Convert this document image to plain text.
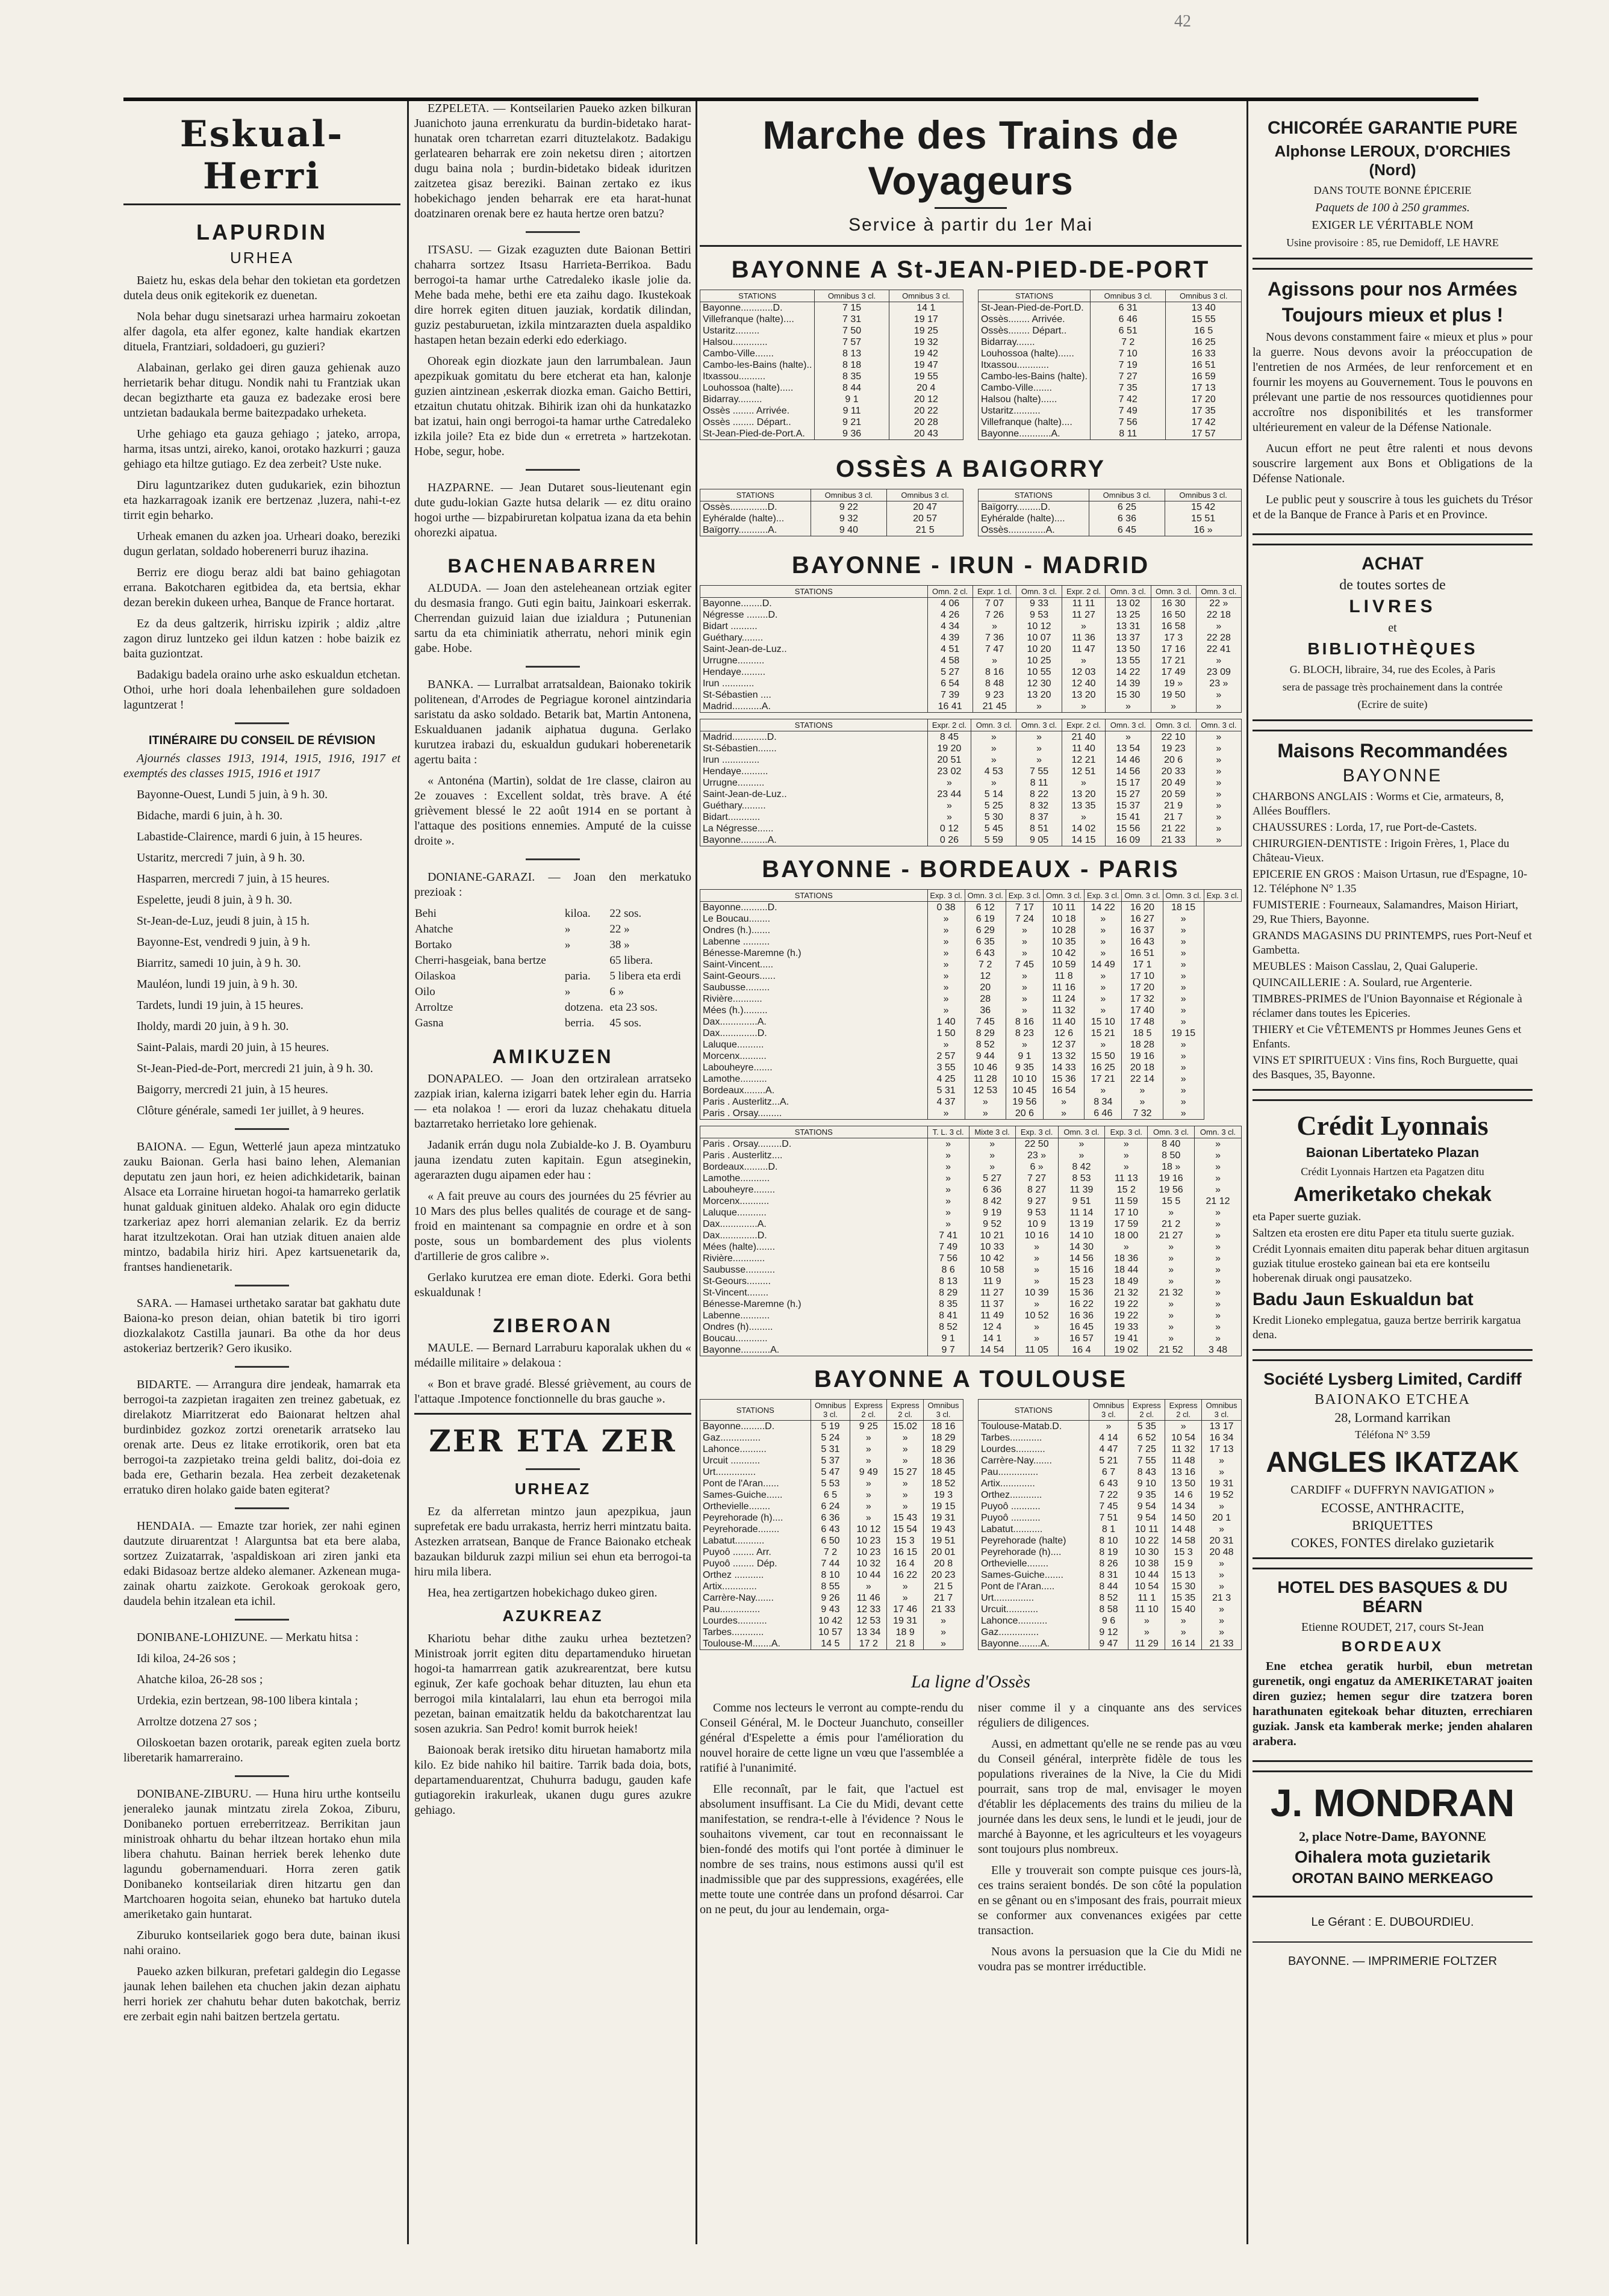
42
Eskual-Herri
LAPURDIN
URHEA

Baietz hu, eskas dela behar den tokietan eta gordetzen dutela deus onik egitekorik ez duenetan.

Nola behar dugu sinetsarazi urhea harmairu zokoetan alfer dagola, eta alfer egonez, kalte handiak ekartzen dituela, Frantziari, soldadoeri, gu guzieri?

Alabainan, gerlako gei diren gauza gehienak auzo herrietarik behar ditugu. Nondik nahi tu Frantziak ukan decan begiztharte eta gauza ez badezake erosi bere untzietan badaukala berme baitezpadako urheketa.

Urhe gehiago eta gauza gehiago ; jateko, arropa, harma, itsas untzi, aireko, kanoi, orotako hazkurri ; gauza gehiago eta hiltze gutiago. Ez dea zerbeit? Uste nuke.

Diru laguntzarikez duten gudukariek, ezin bihoztun eta hazkarragoak izanik ere bertzenaz ,luzera, nahi-t-ez tirrit egin beharko.

Urheak emanen du azken joa. Urheari doako, bereziki dugun gerlatan, soldado hoberenerri buruz ihazina.

Berriz ere diogu beraz aldi bat baino gehiagotan errana. Bakotcharen egitbidea da, eta bertsia, ekhar dezan berekin dukeen urhea, Banque de France hortarat.

Ez da deus galtzerik, hirrisku izpirik ; aldiz ,altre zagon diruz luntzeko gei ildun katzen : hobe baizik ez baita guziontzat.

Badakigu badela oraino urhe asko eskualdun etchetan. Othoi, urhe hori doala lehenbailehen gure soldadoen laguntzerat !

ITINÉRAIRE DU CONSEIL DE RÉVISION

Ajournés classes 1913, 1914, 1915, 1916, 1917 et exemptés des classes 1915, 1916 et 1917

Bayonne-Ouest, Lundi 5 juin, à 9 h. 30.

Bidache, mardi 6 juin, à h. 30.

Labastide-Clairence, mardi 6 juin, à 15 heures.

Ustaritz, mercredi 7 juin, à 9 h. 30.

Hasparren, mercredi 7 juin, à 15 heures.

Espelette, jeudi 8 juin, à 9 h. 30.

St-Jean-de-Luz, jeudi 8 juin, à 15 h.

Bayonne-Est, vendredi 9 juin, à 9 h.

Biarritz, samedi 10 juin, à 9 h. 30.

Mauléon, lundi 19 juin, à 9 h. 30.

Tardets, lundi 19 juin, à 15 heures.

Iholdy, mardi 20 juin, à 9 h. 30.

Saint-Palais, mardi 20 juin, à 15 heures.

St-Jean-Pied-de-Port, mercredi 21 juin, à 9 h. 30.

Baigorry, mercredi 21 juin, à 15 heures.

Clôture générale, samedi 1er juillet, à 9 heures.

BAIONA. — Egun, Wetterlé jaun apeza mintzatuko zauku Baionan. Gerla hasi baino lehen, Alemanian deputatu zen jaun hori, ez heien adichkidetarik, bainan Alsace eta Lorraine hiruetan hogoi-ta hamarreko gerlatik hunat galduak ginituen aldeko. Ahalak oro egin diducte tzarkeriaz apez horri alemanian zelarik. Ez da berriz harat itzultzekotan. Orai han utziak dituen anaien alde mintzo, badabila hiriz hiri. Apez kartsuenetarik da, frantses handienetarik.

SARA. — Hamasei urthetako saratar bat gakhatu dute Baiona-ko preson deian, ohian batetik bi tiro igorri diozkalakotz Castilla jaunari. Ba othe da hor deus astokeriaz bertzerik? Gero ikusiko.

BIDARTE. — Arrangura dire jendeak, hamarrak eta berrogoi-ta zazpietan iragaiten zen treinez gabetuak, ez direlakotz Miarritzerat edo Baionarat heltzen ahal burdinbidez gozkoz zortzi orenetarik arratseko lau orenak arte. Deus ez litake errotikorik, oren bat eta berrogoi-ta zazpietako treina geldi balitz, doi-doia ez bada ere, Getharin bezala. Hea zerbeit dezaketenak erratuko diren holako gaide baten egiterat?

HENDAIA. — Emazte tzar horiek, zer nahi eginen dautzute diruarentzat ! Alarguntsa bat eta bere alaba, sortzez Zuizatarrak, 'aspaldiskoan ari ziren janki eta edaki Bidasoaz bertze aldeko alemaner. Azkenean muga-zainak ohartu zaizkote. Gerokoak gerokoak gero, daudela behin itzalean eta ichil.

DONIBANE-LOHIZUNE. — Merkatu hitsa :

Idi kiloa, 24-26 sos ;

Ahatche kiloa, 26-28 sos ;

Urdekia, ezin bertzean, 98-100 libera kintala ;

Arroltze dotzena 27 sos ;

Oiloskoetan bazen orotarik, pareak egiten zuela bortz liberetarik hamarreraino.

DONIBANE-ZIBURU. — Huna hiru urthe kontseilu jeneraleko jaunak mintzatu zirela Zokoa, Ziburu, Donibaneko portuen erreberritzeaz. Berrikitan jaun ministroak ohhartu du behar iltzean hortako ehun mila libera chahutu. Bainan herriek berek lehenko dute lagundu gobernamenduari. Horra zeren gatik Donibaneko kontseilariak diren hitzartu gen dan Martchoaren hogoita seian, ehuneko bat hartuko dutela ameriketako gain huntarat.

Ziburuko kontseilariek gogo bera dute, bainan ikusi nahi oraino.

Paueko azken bilkuran, prefetari galdegin dio Legasse jaunak lehen bailehen eta chuchen jakin dezan aiphatu herri horiek zer chahutu behar duten bakotchak, berriz ere zerbait egin nahi baitzen bertzela gertatu.

EZPELETA. — Kontseilarien Paueko azken bilkuran Juanichoto jauna errenkuratu da burdin-bidetako harat-hunatak oren tcharretan ezarri dituztelakotz. Badakigu gerlatearen beharrak ere zoin neketsu diren ; aitortzen dugu baina nola ; burdin-bidetako bideak iduritzen zaitzetea gisaz bereziki. Bainan zertako ez ikus hobekichago jenden beharrak ere eta harat-hunat doatzinaren orenak bere ez hauta hertze oren batzu?

ITSASU. — Gizak ezaguzten dute Baionan Bettiri chaharra sortzez Itsasu Harrieta-Berrikoa. Badu berrogoi-ta hamar urthe Catredaleko ikasle jolie da. Mehe bada mehe, bethi ere eta zaihu dago. Ikustekoak dire horrek egiten dituen jauziak, kordatik dilindan, guziz pestaburuetan, izkila mintzarazten duela aspaldiko hastapen hetan bezain ederki edo ederkiago.

Ohoreak egin diozkate jaun den larrumbalean. Jaun apezpikuak gomitatu du bere etcherat eta han, kalonje guzien aintzinean ,eskerrak diozka eman. Gaicho Bettiri, etzaitun chutatu ohitzak. Bihirik izan ohi da hunkatazko bat izatui, hain ongi berrogoi-ta hamar urthe Catredaleko izkila joile? Eta ez bide dun « erretreta » hartzekotan. Hobe, segur, hobe.

HAZPARNE. — Jean Dutaret sous-lieutenant egin dute gudu-lokian Gazte hutsa delarik — ez ditu oraino hogoi urthe — bizpabiruretan kolpatua izana da eta behin ohorezki aipatua.

BACHENABARREN

ALDUDA. — Joan den asteleheanean ortziak egiter du desmasia frango. Guti egin baitu, Jainkoari eskerrak. Cherrendan guizuid laian due izialdura ; Putunenian sartu da eta chiminiatik atherratu, nehori minik egin gabe. Hobe.

BANKA. — Lurralbat arratsaldean, Baionako tokirik politenean, d'Arrodes de Pegriague koronel aintzindaria saristatu da asko soldado. Betarik bat, Martin Antonena, Eskualduanen jadanik aiphatua duguna. Gerlako kurutzea irabazi du, eskualdun gudukari hoberenetarik agertu baita :

« Antonéna (Martin), soldat de 1re classe, clairon au 2e zouaves : Excellent soldat, très brave. A été grièvement blessé le 22 août 1914 en se portant à l'attaque des positions ennemies. Amputé de la cuisse droite ».

DONIANE-GARAZI. — Joan den merkatuko prezioak :

Behi	kiloa.	22 sos.
Ahatche	»	22 »
Bortako	»	38 »
Cherri-hasgeiak, bana bertze		65 libera.
Oilaskoa	paria.	5 libera eta erdi
Oilo	»	6 »
Arroltze	dotzena.	eta 23 sos.
Gasna	berria.	45 sos.
AMIKUZEN

DONAPALEO. — Joan den ortziralean arratseko zazpiak irian, kalerna izigarri batek leher egin du. Harria — eta nolakoa ! — erori da luzaz chehakatu dituela baztarretako herrietako lore gehienak.

Jadanik errán dugu nola Zubialde-ko J. B. Oyamburu jauna izendatu zuten kapitain. Egun atseginekin, agerarazten dugu aipamen eder hau :

« A fait preuve au cours des journées du 25 février au 10 Mars des plus belles qualités de courage et de sang-froid en maintenant sa compagnie en ordre et à son poste, sous un bombardement des plus violents d'artillerie de gros calibre ».

Gerlako kurutzea ere eman diote. Ederki. Gora bethi eskualdunak !

ZIBEROAN

MAULE. — Bernard Larraburu kaporalak ukhen du « médaille militaire » delakoua :

« Bon et brave gradé. Blessé grièvement, au cours de l'attaque .Impotence fonctionnelle du bras gauche ».

ZER ETA ZER
URHEAZ

Ez da alferretan mintzo jaun apezpikua, jaun suprefetak ere badu urrakasta, herriz herri mintzatu baita. Astezken arratsean, Banque de France Baionako etcheak bazaukan bilduruk zazpi miliun sei ehun eta berrogoi-ta hiru mila libera.

Hea, hea zertigartzen hobekichago dukeo giren.

AZUKREAZ

Khariotu behar dithe zauku urhea beztetzen? Ministroak jorrit egiten ditu departamenduko hiruetan hogoi-ta hamarrrean gatik azukrearentzat, bere kutsu eginuk, Zer kafe gochoak behar dituzten, lau ehun eta berrogoi mila kintalalarri, lau ehun eta berrogoi mila pezetan, bainan emaitzatik heldu da bakotcharentzat lau sosen azukria. San Pedro! komit burrok heiek!

Baionoak berak iretsiko ditu hiruetan hamabortz mila kilo. Ez bide nahiko hil baitire. Tarrik bada doia, bots, departamenduarentzat, Chuhurra badugu, gauden kafe gutiagorekin irakurleak, ukanen dugu gures azukre gehiago.

Marche des Trains de Voyageurs
Service à partir du 1er Mai
BAYONNE A St-JEAN-PIED-DE-PORT
STATIONS	Omnibus 3 cl.	Omnibus 3 cl.
Bayonne............D.	7 15	14 1
Villefranque (halte)....	7 31	19 17
Ustaritz.........	7 50	19 25
Halsou.............	7 57	19 32
Cambo-Ville.......	8 13	19 42
Cambo-les-Bains (halte)..	8 18	19 47
Itxassou..........	8 35	19 55
Louhossoa (halte).....	8 44	20 4
Bidarray.........	9 1	20 12
Ossès ........ Arrivée.	9 11	20 22
Ossès ........ Départ..	9 21	20 28
St-Jean-Pied-de-Port.A.	9 36	20 43
STATIONS	Omnibus 3 cl.	Omnibus 3 cl.
St-Jean-Pied-de-Port.D.	6 31	13 40
Ossès........ Arrivée.	6 46	15 55
Ossès........ Départ..	6 51	16 5
Bidarray.......	7 2	16 25
Louhossoa (halte)......	7 10	16 33
Itxassou............	7 19	16 51
Cambo-les-Bains (halte).	7 27	16 59
Cambo-Ville.......	7 35	17 13
Halsou (halte)......	7 42	17 20
Ustaritz..........	7 49	17 35
Villefranque (halte)....	7 56	17 42
Bayonne............A.	8 11	17 57
OSSÈS A BAIGORRY
STATIONS	Omnibus 3 cl.	Omnibus 3 cl.
Ossès..............D.	9 22	20 47
Eyhéralde (halte)...	9 32	20 57
Baïgorry...........A.	9 40	21 5
STATIONS	Omnibus 3 cl.	Omnibus 3 cl.
Baïgorry.........D.	6 25	15 42
Eyhéralde (halte)....	6 36	15 51
Ossès..............A.	6 45	16 »
BAYONNE - IRUN - MADRID
STATIONS	Omn. 2 cl.	Expr. 1 cl.	Omn. 3 cl.	Expr. 2 cl.	Omn. 3 cl.	Omn. 3 cl.	Omn. 3 cl.
Bayonne........D.	4 06	7 07	9 33	11 11	13 02	16 30	22 »
Négresse ........D.	4 26	7 26	9 53	11 27	13 25	16 50	22 18
Bidart ..........	4 34	»	10 12	»	13 31	16 58	»
Guéthary........	4 39	7 36	10 07	11 36	13 37	17 3	22 28
Saint-Jean-de-Luz..	4 51	7 47	10 20	11 47	13 50	17 16	22 41
Urrugne..........	4 58	»	10 25	»	13 55	17 21	»
Hendaye.........	5 27	8 16	10 55	12 03	14 22	17 49	23 09
Irun ............	6 54	8 48	12 30	12 40	14 39	19 »	23 »
St-Sébastien ....	7 39	9 23	13 20	13 20	15 30	19 50	»
Madrid...........A.	16 41	21 45	»	»	»	»	»
STATIONS	Expr. 2 cl.	Omn. 3 cl.	Omn. 3 cl.	Expr. 2 cl.	Omn. 3 cl.	Omn. 3 cl.	Omn. 3 cl.
Madrid.............D.	8 45	»	»	21 40	»	22 10	»
St-Sébastien.......	19 20	»	»	11 40	13 54	19 23	»
Irun ..............	20 51	»	»	12 21	14 46	20 6	»
Hendaye..........	23 02	4 53	7 55	12 51	14 56	20 33	»
Urrugne..........	»	»	8 11	»	15 17	20 49	»
Saint-Jean-de-Luz..	23 44	5 14	8 22	13 20	15 27	20 59	»
Guéthary.........	»	5 25	8 32	13 35	15 37	21 9	»
Bidart............	»	5 30	8 37	»	15 41	21 7	»
La Négresse......	0 12	5 45	8 51	14 02	15 56	21 22	»
Bayonne..........A.	0 26	5 59	9 05	14 15	16 09	21 33	»
BAYONNE - BORDEAUX - PARIS
STATIONS	Exp. 3 cl.	Omn. 3 cl.	Exp. 3 cl.	Omn. 3 cl.	Exp. 3 cl.	Omn. 3 cl.	Omn. 3 cl.	Exp. 3 cl.
Bayonne..........D.	0 38	6 12	7 17	10 11	14 22	16 20	18 15	
Le Boucau........	»	6 19	7 24	10 18	»	16 27	»	
Ondres (h.).......	»	6 29	»	10 28	»	16 37	»	
Labenne ..........	»	6 35	»	10 35	»	16 43	»	
Bénesse-Maremne (h.)	»	6 43	»	10 42	»	16 51	»	
Saint-Vincent.....	»	7 2	7 45	10 59	14 49	17 1	»	
Saint-Geours......	»	12	»	11 8	»	17 10	»	
Saubusse.........	»	20	»	11 16	»	17 20	»	
Rivière...........	»	28	»	11 24	»	17 32	»	
Mées (h.).........	»	36	»	11 32	»	17 40	»	
Dax..............A.	1 40	7 45	8 16	11 40	15 10	17 48	»	
Dax..............D.	1 50	8 29	8 23	12 6	15 21	18 5	19 15	
Laluque..........	»	8 52	»	12 37	»	18 28	»	
Morcenx..........	2 57	9 44	9 1	13 32	15 50	19 16	»	
Labouheyre.......	3 55	10 46	9 35	14 33	16 25	20 18	»	
Lamothe..........	4 25	11 28	10 10	15 36	17 21	22 14	»	
Bordeaux........A.	5 31	12 53	10 45	16 54	»	»	»	
Paris . Austerlitz...A.	4 37	»	19 56	»	8 34	»	»	
Paris . Orsay.........	»	»	20 6	»	6 46	7 32	»	
STATIONS	T. L. 3 cl.	Mixte 3 cl.	Exp. 3 cl.	Omn. 3 cl.	Exp. 3 cl.	Omn. 3 cl.	Omn. 3 cl.
Paris . Orsay.........D.	»	»	22 50	»	»	8 40	»
Paris . Austerlitz....	»	»	23 »	»	»	8 50	»
Bordeaux.........D.	»	»	6 »	8 42	»	18 »	»
Lamothe...........	»	5 27	7 27	8 53	11 13	19 16	»
Labouheyre........	»	6 36	8 27	11 39	15 2	19 56	»
Morcenx...........	»	8 42	9 27	9 51	11 59	15 5	21 12
Laluque...........	»	9 19	9 53	11 14	17 10	»	»
Dax..............A.	»	9 52	10 9	13 19	17 59	21 2	»
Dax..............D.	7 41	10 21	10 16	14 10	18 00	21 27	»
Mées (halte).......	7 49	10 33	»	14 30	»	»	»
Rivière............	7 56	10 42	»	14 56	18 36	»	»
Saubusse...........	8 6	10 58	»	15 16	18 44	»	»
St-Geours.........	8 13	11 9	»	15 23	18 49	»	»
St-Vincent........	8 29	11 27	10 39	15 36	21 32	21 32	»
Bénesse-Maremne (h.)	8 35	11 37	»	16 22	19 22	»	»
Labenne...........	8 41	11 49	10 52	16 36	19 22	»	»
Ondres (h).........	8 52	12 4	»	16 45	19 33	»	»
Boucau............	9 1	14 1	»	16 57	19 41	»	»
Bayonne...........A.	9 7	14 54	11 05	16 4	19 02	21 52	3 48
BAYONNE A TOULOUSE
STATIONS	Omnibus 3 cl.	Express 2 cl.	Express 2 cl.	Omnibus 3 cl.
Bayonne.........D.	5 19	9 25	15.02	18 16
Gaz...............	5 24	»	»	18 29
Lahonce..........	5 31	»	»	18 29
Urcuit ...........	5 37	»	»	18 36
Urt...............	5 47	9 49	15 27	18 45
Pont de l'Aran......	5 53	»	»	18 52
Sames-Guiche......	6 5	»	»	19 3
Orthevielle........	6 24	»	»	19 15
Peyrehorade (h)....	6 36	»	15 43	19 31
Peyrehorade........	6 43	10 12	15 54	19 43
Labatut...........	6 50	10 23	15 3	19 51
Puyoô ........ Arr.	7 2	10 23	16 15	20 01
Puyoô ........ Dép.	7 44	10 32	16 4	20 8
Orthez ...........	8 10	10 44	16 22	20 23
Artix.............	8 55	»	»	21 5
Carrère-Nay.......	9 26	11 46	»	21 7
Pau...............	9 43	12 33	17 46	21 33
Lourdes...........	10 42	12 53	19 31	»
Tarbes............	10 57	13 34	18 9	»
Toulouse-M.......A.	14 5	17 2	21 8	»
STATIONS	Omnibus 3 cl.	Express 2 cl.	Express 2 cl.	Omnibus 3 cl.
Toulouse-Matab.D.	»	5 35	»	13 17
Tarbes............	4 14	6 52	10 54	16 34
Lourdes...........	4 47	7 25	11 32	17 13
Carrère-Nay.......	5 21	7 55	11 48	»
Pau...............	6 7	8 43	13 16	»
Artix.............	6 43	9 10	13 50	19 31
Orthez............	7 22	9 35	14 6	19 52
Puyoô ...........	7 45	9 54	14 34	»
Puyoô ...........	7 51	9 54	14 50	20 1
Labatut...........	8 1	10 11	14 48	»
Peyrehorade (halte)	8 10	10 22	14 58	20 31
Peyrehorade (h)....	8 19	10 30	15 3	20 48
Orthevielle........	8 26	10 38	15 9	»
Sames-Guiche.......	8 31	10 44	15 13	»
Pont de l'Aran.....	8 44	10 54	15 30	»
Urt...............	8 52	11 1	15 35	21 3
Urcuit............	8 58	11 10	15 40	»
Lahonce...........	9 6	»	»	»
Gaz...............	9 12	»	»	»
Bayonne........A.	9 47	11 29	16 14	21 33
La ligne d'Ossès

Comme nos lecteurs le verront au compte-rendu du Conseil Général, M. le Docteur Juanchuto, conseiller général d'Espelette a émis pour l'amélioration du nouvel horaire de cette ligne un vœu que l'assemblée a ratifié à l'unanimité.

Elle reconnaît, par le fait, que l'actuel est absolument insuffisant. La Cie du Midi, devant cette manifestation, se rendra-t-elle à l'évidence ? Nous le souhaitons vivement, car tout en reconnaissant le bien-fondé des motifs qui l'ont portée à diminuer le nombre de ses trains, nous estimons aussi qu'il est inadmissible que par des suppressions, exagérées, elle mette toute une contrée dans un profond désarroi. Car on ne peut, du jour au lendemain, orga-

niser comme il y a cinquante ans des services réguliers de diligences.

Aussi, en admettant qu'elle ne se rende pas au vœu du Conseil général, interprète fidèle de tous les populations riveraines de la Nive, la Cie du Midi pourrait, sans trop de mal, envisager le moyen d'établir les déplacements des trains du milieu de la journée dans les deux sens, le lundi et le jeudi, jour de marché à Bayonne, et les agriculteurs et les voyageurs sont toujours plus nombreux.

Elle y trouverait son compte puisque ces jours-là, ces trains seraient bondés. De son côté la population en se gênant ou en s'imposant des frais, pourrait mieux se conformer aux convenances exigées par cette transaction.

Nous avons la persuasion que la Cie du Midi ne voudra pas se montrer irréductible.

CHICORÉE GARANTIE PURE
Alphonse LEROUX, D'ORCHIES (Nord)
DANS TOUTE BONNE ÉPICERIE
Paquets de 100 à 250 grammes.
EXIGER LE VÉRITABLE NOM
Usine provisoire : 85, rue Demidoff, LE HAVRE
Agissons pour nos Armées
Toujours mieux et plus !

Nous devons constamment faire « mieux et plus » pour la guerre. Nous devons avoir la préoccupation de l'entretien de nos Armées, de leur renforcement et en fournir les moyens au Gouvernement. Tous le pouvons en prélevant une partie de nos ressources quotidiennes pour accroître nos disponibilités et les transformer ultérieurement en valeur de la Défense Nationale.

Aucun effort ne peut être ralenti et nous devons souscrire largement aux Bons et Obligations de la Défense Nationale.

Le public peut y souscrire à tous les guichets du Trésor et de la Banque de France à Paris et en Province.

ACHAT
de toutes sortes de
LIVRES
et
BIBLIOTHÈQUES
G. BLOCH, libraire, 34, rue des Ecoles, à Paris
sera de passage très prochainement dans la contrée
(Ecrire de suite)
Maisons Recommandées
BAYONNE

CHARBONS ANGLAIS : Worms et Cie, armateurs, 8, Allées Boufflers.

CHAUSSURES : Lorda, 17, rue Port-de-Castets.

CHIRURGIEN-DENTISTE : Irigoin Frères, 1, Place du Château-Vieux.

EPICERIE EN GROS : Maison Urtasun, rue d'Espagne, 10-12. Téléphone N° 1.35

FUMISTERIE : Fourneaux, Salamandres, Maison Hiriart, 29, Rue Thiers, Bayonne.

GRANDS MAGASINS DU PRINTEMPS, rues Port-Neuf et Gambetta.

MEUBLES : Maison Casslau, 2, Quai Galuperie.

QUINCAILLERIE : A. Soulard, rue Argenterie.

TIMBRES-PRIMES de l'Union Bayonnaise et Régionale à réclamer dans toutes les Epiceries.

THIERY et Cie VÊTEMENTS pr Hommes Jeunes Gens et Enfants.

VINS ET SPIRITUEUX : Vins fins, Roch Burguette, quai des Basques, 35, Bayonne.

Crédit Lyonnais
Baionan Libertateko Plazan
Crédit Lyonnais Hartzen eta Pagatzen ditu
Ameriketako chekak
eta Paper suerte guziak.
Saltzen eta erosten ere ditu Paper eta titulu suerte guziak.
Crédit Lyonnais emaiten ditu paperak behar dituen argitasun guziak titulue erosteko gainean bai eta ere kontseilu hoberenak diruak ongi pausatzeko.
Badu Jaun Eskualdun bat
Kredit Lioneko emplegatua, gauza bertze berririk kargatua dena.
Société Lysberg Limited, Cardiff
BAIONAKO ETCHEA
28, Lormand karrikan
Téléfona N° 3.59
ANGLES IKATZAK
CARDIFF « DUFFRYN NAVIGATION »
ECOSSE, ANTHRACITE,
BRIQUETTES
COKES, FONTES direlako guzietarik
HOTEL DES BASQUES & DU BÉARN
Etienne ROUDET, 217, cours St-Jean
BORDEAUX

Ene etchea geratik hurbil, ebun metretan gurenetik, ongi engatuz da AMERIKETARAT joaiten diren guziez; hemen segur dire tzatzera boren harathunaten egitekoak behar dituzten, errechiaren guziak. Jansk eta kamberak merke; jenden ahalaren arabera.

J. MONDRAN
2, place Notre-Dame, BAYONNE
Oihalera mota guzietarik
OROTAN BAINO MERKEAGO
Le Gérant : E. DUBOURDIEU.
BAYONNE. — IMPRIMERIE FOLTZER
